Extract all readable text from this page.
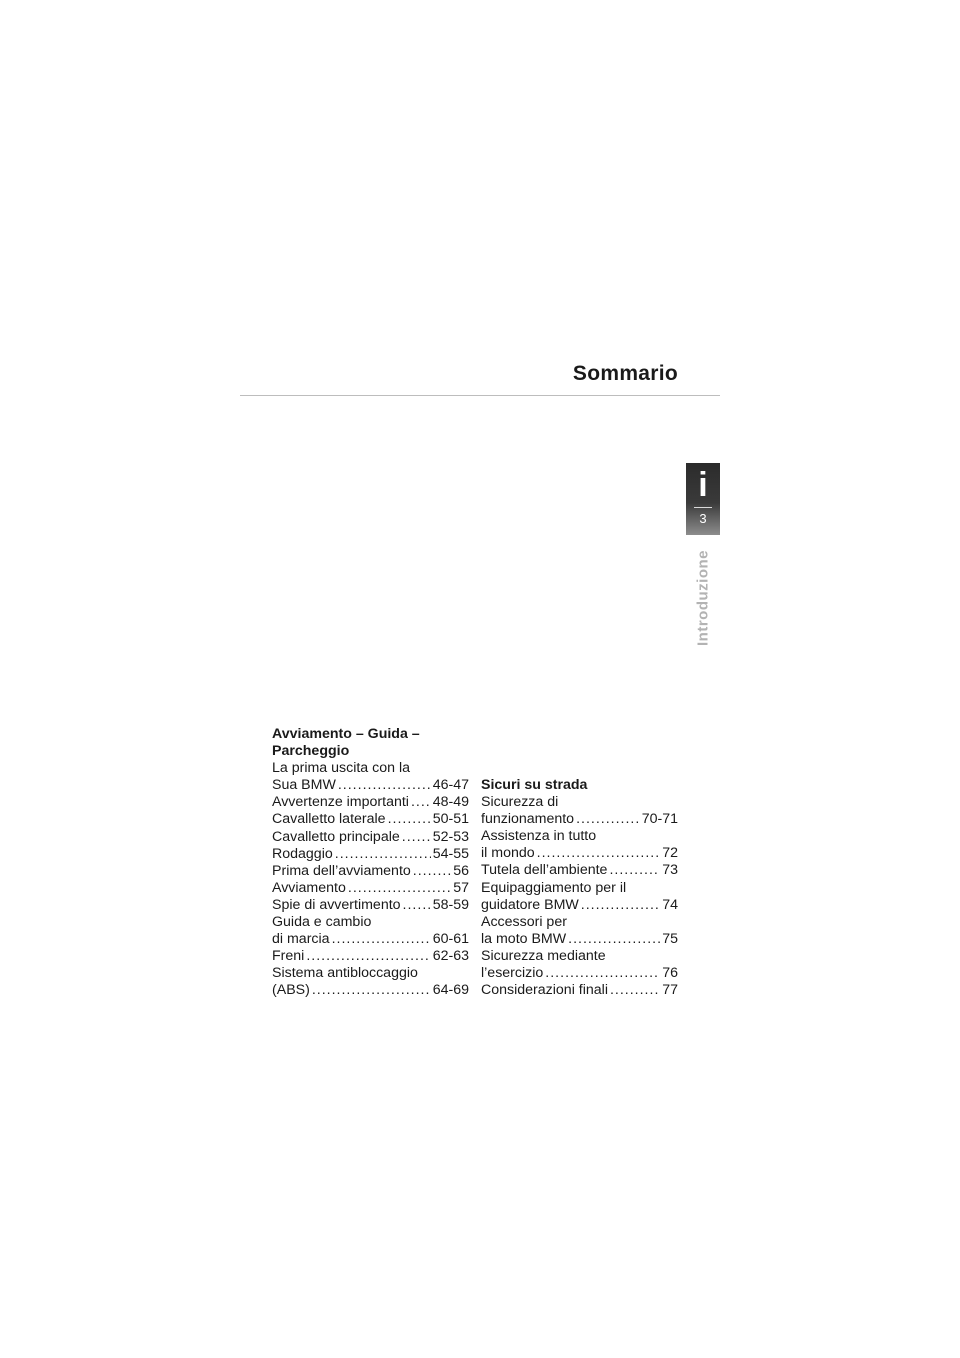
Sommario
i
3
Introduzione

Avviamento – Guida –

Parcheggio

La prima uscita con la

Sua BMW .....	46-47
Avvertenze importanti ..... 48-49
Cavalletto laterale .....	50-51
Cavalletto principale ..... 52-53
Rodaggio .....	54-55
Prima dell’avviamento .....	56
Avviamento .....	57
Spie di avvertimento ..... 58-59

Guida e cambio

di marcia .....	60-61
Freni .....	62-63

Sistema antibloccaggio

(ABS) .....	64-69

Sicuri su strada

Sicurezza di

funzionamento .....	70-71

Assistenza in tutto

il mondo .....	72
Tutela dell’ambiente .....	73

Equipaggiamento per il

guidatore BMW .....	74

Accessori per

la moto BMW .....	75

Sicurezza mediante

l’esercizio .....	76
Considerazioni finali .....	77
